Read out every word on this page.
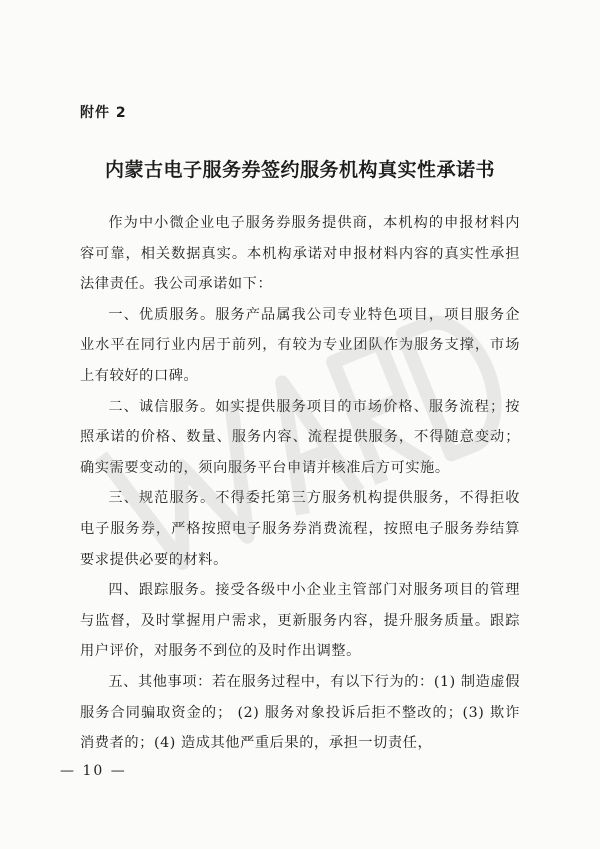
附件 2
内蒙古电子服务券签约服务机构真实性承诺书

作为中小微企业电子服务券服务提供商，本机构的申报材料内容可靠，相关数据真实。本机构承诺对申报材料内容的真实性承担法律责任。我公司承诺如下：

一、优质服务。服务产品属我公司专业特色项目，项目服务企业水平在同行业内居于前列，有较为专业团队作为服务支撑，市场上有较好的口碑。

二、诚信服务。如实提供服务项目的市场价格、服务流程；按照承诺的价格、数量、服务内容、流程提供服务，不得随意变动；确实需要变动的，须向服务平台申请并核准后方可实施。

三、规范服务。不得委托第三方服务机构提供服务，不得拒收电子服务券，严格按照电子服务券消费流程，按照电子服务券结算要求提供必要的材料。

四、跟踪服务。接受各级中小企业主管部门对服务项目的管理与监督，及时掌握用户需求，更新服务内容，提升服务质量。跟踪用户评价，对服务不到位的及时作出调整。

五、其他事项：若在服务过程中，有以下行为的：(1) 制造虚假服务合同骗取资金的； (2) 服务对象投诉后拒不整改的；(3) 欺诈消费者的；(4) 造成其他严重后果的，承担一切责任，

— 10 —
